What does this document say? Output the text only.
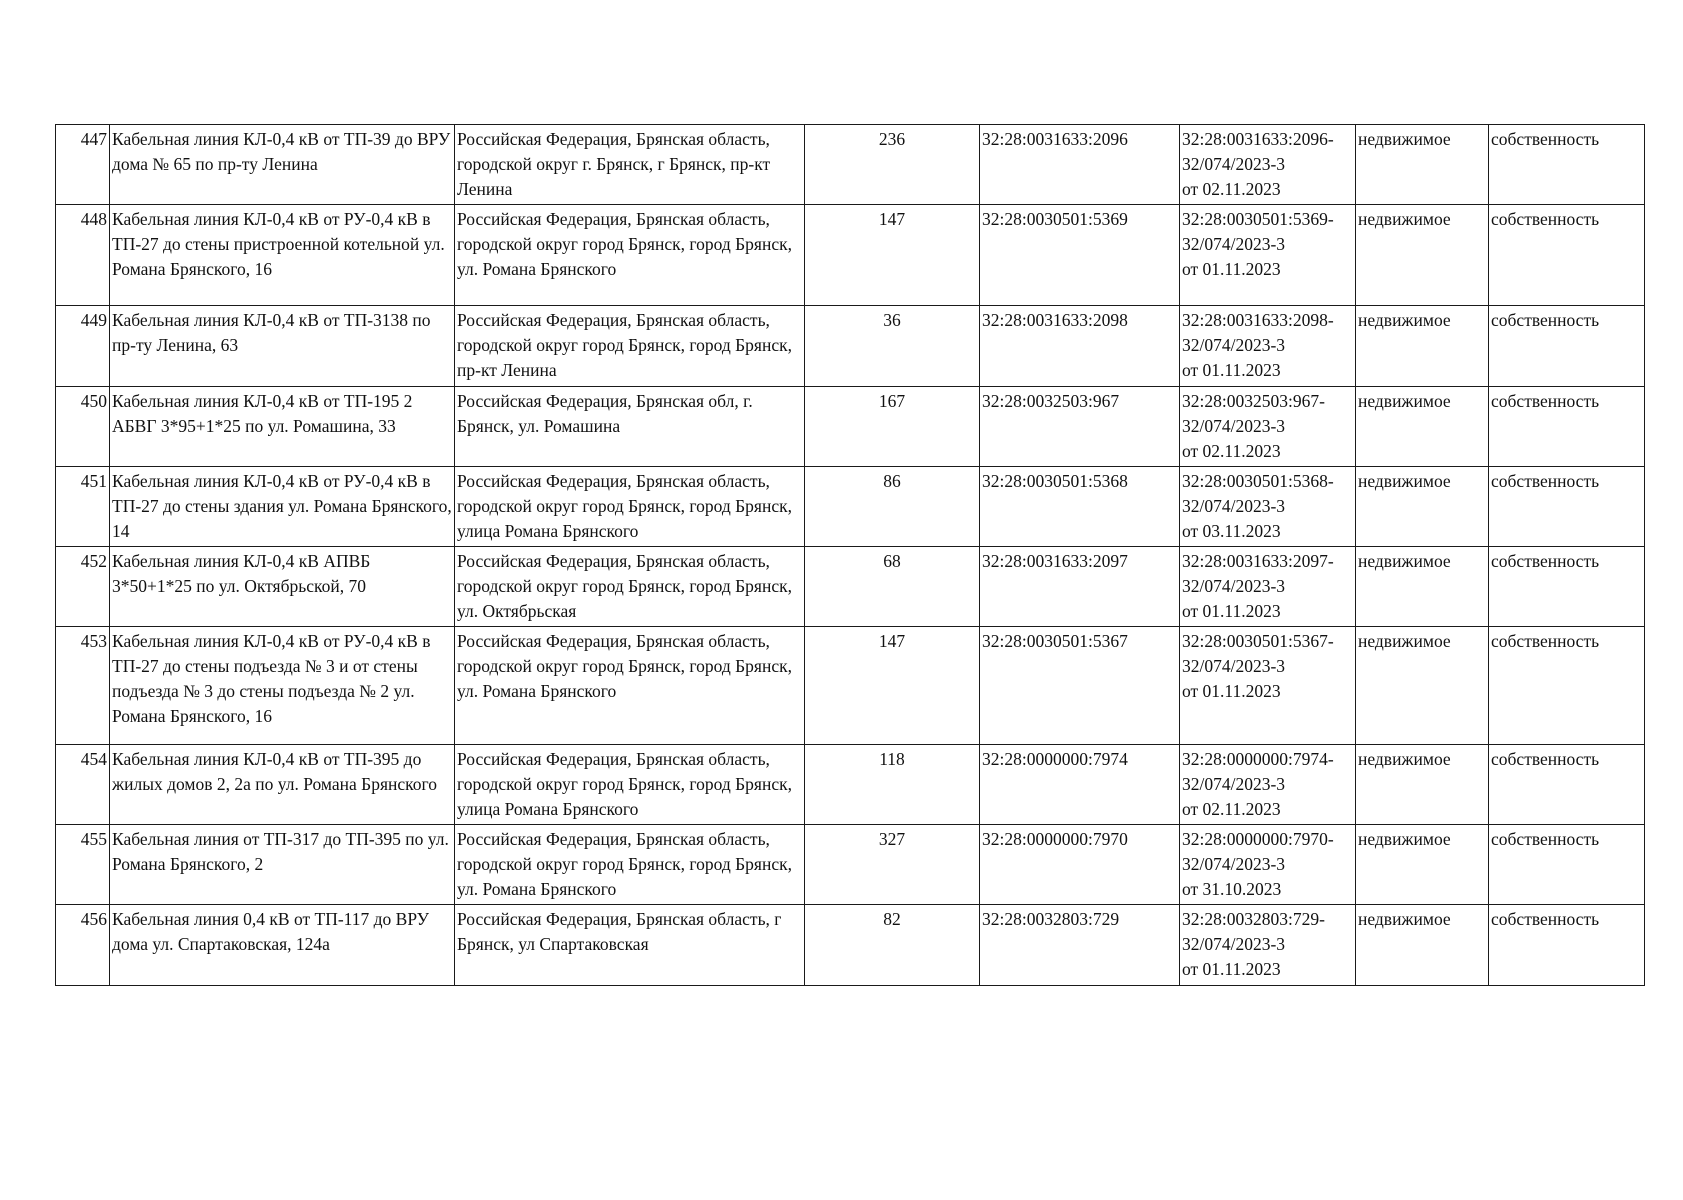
447	Кабельная линия КЛ-0,4 кВ от ТП-39 до ВРУ дома № 65 по пр-ту Ленина	Российская Федерация, Брянская область, городской округ г. Брянск, г Брянск, пр-кт Ленина	236	32:28:0031633:2096	32:28:0031633:2096-
32/074/2023-3
от 02.11.2023	недвижимое	собственность
448	Кабельная линия КЛ-0,4 кВ от РУ-0,4 кВ в ТП-27 до стены пристроенной котельной ул. Романа Брянского, 16	Российская Федерация, Брянская область, городской округ город Брянск, город Брянск, ул. Романа Брянского	147	32:28:0030501:5369	32:28:0030501:5369-
32/074/2023-3
от 01.11.2023	недвижимое	собственность
449	Кабельная линия КЛ-0,4 кВ от ТП-3138 по пр-ту Ленина, 63	Российская Федерация, Брянская область, городской округ город Брянск, город Брянск, пр-кт Ленина	36	32:28:0031633:2098	32:28:0031633:2098-
32/074/2023-3
от 01.11.2023	недвижимое	собственность
450	Кабельная линия КЛ-0,4 кВ от ТП-195 2 АБВГ 3*95+1*25 по ул. Ромашина, 33	Российская Федерация, Брянская обл, г. Брянск, ул. Ромашина	167	32:28:0032503:967	32:28:0032503:967-
32/074/2023-3
от 02.11.2023	недвижимое	собственность
451	Кабельная линия КЛ-0,4 кВ от РУ-0,4 кВ в ТП-27 до стены здания ул. Романа Брянского, 14	Российская Федерация, Брянская область, городской округ город Брянск, город Брянск, улица Романа Брянского	86	32:28:0030501:5368	32:28:0030501:5368-
32/074/2023-3
от 03.11.2023	недвижимое	собственность
452	Кабельная линия КЛ-0,4 кВ АПВБ 3*50+1*25 по ул. Октябрьской, 70	Российская Федерация, Брянская область, городской округ город Брянск, город Брянск, ул. Октябрьская	68	32:28:0031633:2097	32:28:0031633:2097-
32/074/2023-3
от 01.11.2023	недвижимое	собственность
453	Кабельная линия КЛ-0,4 кВ от РУ-0,4 кВ в ТП-27 до стены подъезда № 3 и от стены подъезда № 3 до стены подъезда № 2 ул. Романа Брянского, 16	Российская Федерация, Брянская область, городской округ город Брянск, город Брянск, ул. Романа Брянского	147	32:28:0030501:5367	32:28:0030501:5367-
32/074/2023-3
от 01.11.2023	недвижимое	собственность
454	Кабельная линия КЛ-0,4 кВ от ТП-395 до жилых домов 2, 2а по ул. Романа Брянского	Российская Федерация, Брянская область, городской округ город Брянск, город Брянск, улица Романа Брянского	118	32:28:0000000:7974	32:28:0000000:7974-
32/074/2023-3
от 02.11.2023	недвижимое	собственность
455	Кабельная линия от ТП-317 до ТП-395 по ул. Романа Брянского, 2	Российская Федерация, Брянская область, городской округ город Брянск, город Брянск, ул. Романа Брянского	327	32:28:0000000:7970	32:28:0000000:7970-
32/074/2023-3
от 31.10.2023	недвижимое	собственность
456	Кабельная линия 0,4 кВ от ТП-117 до ВРУ дома ул. Спартаковская, 124а	Российская Федерация, Брянская область, г Брянск, ул Спартаковская	82	32:28:0032803:729	32:28:0032803:729-
32/074/2023-3
от 01.11.2023	недвижимое	собственность
